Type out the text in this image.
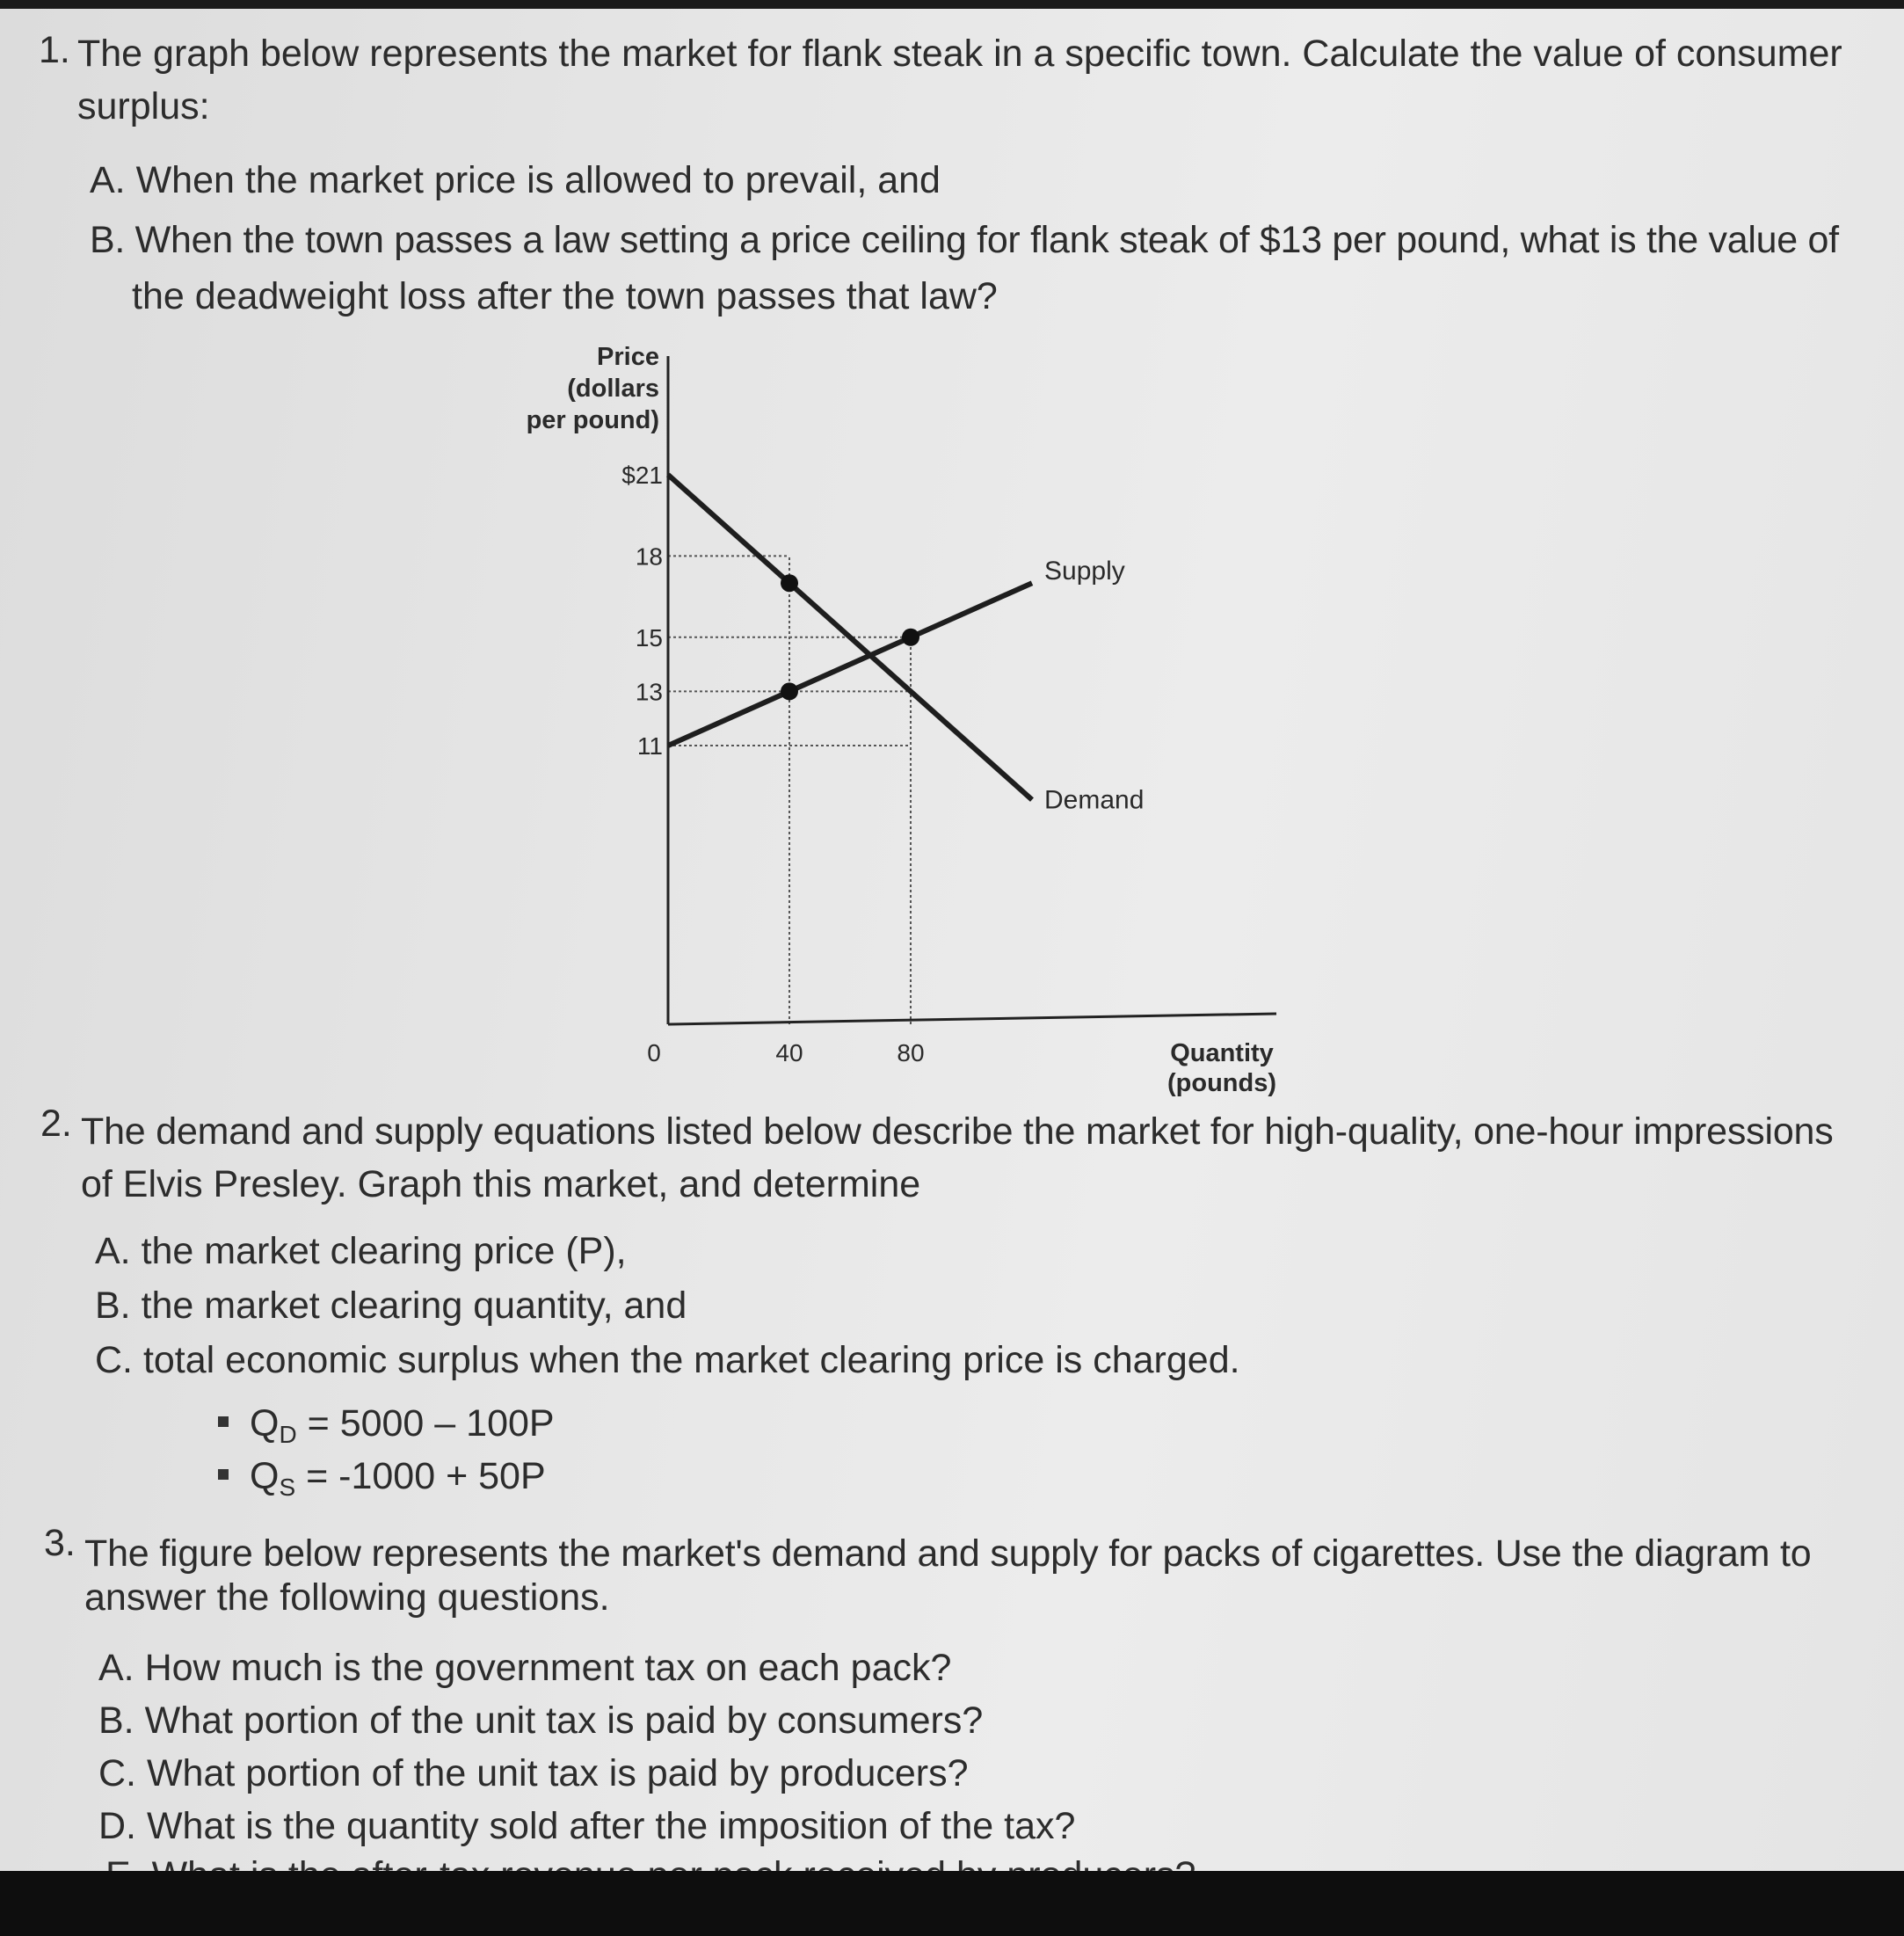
1. The graph below represents the market for flank steak in a specific town. Calculate the value of consumer
surplus:
A. When the market price is allowed to prevail, and
B. When the town passes a law setting a price ceiling for flank steak of $13 per pound, what is the value of
the deadweight loss after the town passes that law?
Price
(dollars
per pound)
Supply
Demand
$21
18
15
13
11
0	40	80	Quantity
(pounds)
2. The demand and supply equations listed below describe the market for high-quality, one-hour impressions
of Elvis Presley. Graph this market, and determine
A. the market clearing price (P),
B. the market clearing quantity, and
C. total economic surplus when the market clearing price is charged.
$Q_D = 5000 - 100P$
$Q_S = -1000 + 50P$
3. The figure below represents the market's demand and supply for packs of cigarettes. Use the diagram to
answer the following questions.
A. How much is the government tax on each pack?
B. What portion of the unit tax is paid by consumers?
C. What portion of the unit tax is paid by producers?
D. What is the quantity sold after the imposition of the tax?
